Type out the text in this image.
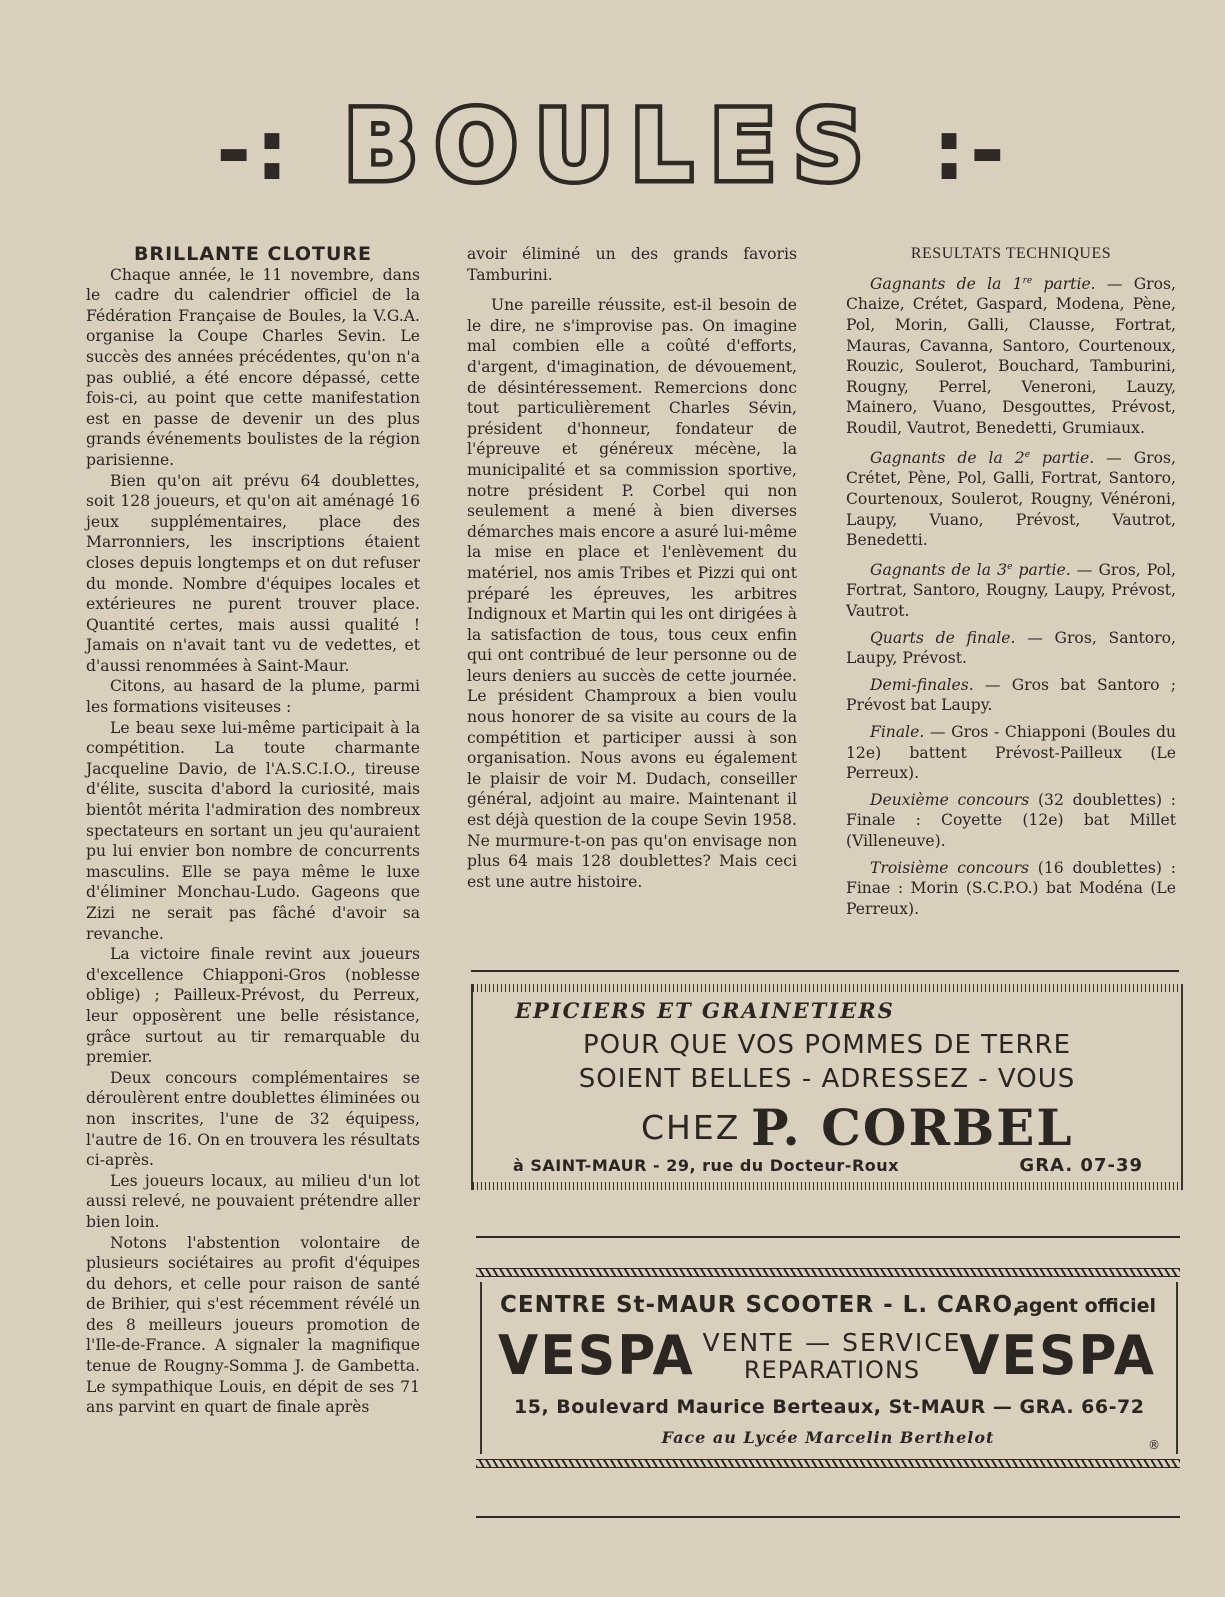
-: BOULES :-

BRILLANTE CLOTURE

Chaque année, le 11 novembre, dans le cadre du calendrier officiel de la Fédération Française de Boules, la V.G.A. organise la Coupe Charles Sevin. Le succès des années précédentes, qu'on n'a pas oublié, a été encore dépassé, cette fois-ci, au point que cette manifestation est en passe de devenir un des plus grands événements boulistes de la région parisienne.

Bien qu'on ait prévu 64 doublettes, soit 128 joueurs, et qu'on ait aménagé 16 jeux supplémentaires, place des Marronniers, les inscriptions étaient closes depuis longtemps et on dut refuser du monde. Nombre d'équipes locales et extérieures ne purent trouver place. Quantité certes, mais aussi qualité ! Jamais on n'avait tant vu de vedettes, et d'aussi renommées à Saint-Maur.

Citons, au hasard de la plume, parmi les formations visiteuses :

Le beau sexe lui-même participait à la compétition. La toute charmante Jacqueline Davio, de l'A.S.C.I.O., tireuse d'élite, suscita d'abord la curiosité, mais bientôt mérita l'admiration des nombreux spectateurs en sortant un jeu qu'auraient pu lui envier bon nombre de concurrents masculins. Elle se paya même le luxe d'éliminer Monchau-Ludo. Gageons que Zizi ne serait pas fâché d'avoir sa revanche.

La victoire finale revint aux joueurs d'excellence Chiapponi-Gros (noblesse oblige) ; Pailleux-Prévost, du Perreux, leur opposèrent une belle résistance, grâce surtout au tir remarquable du premier.

Deux concours complémentaires se déroulèrent entre doublettes éliminées ou non inscrites, l'une de 32 équipess, l'autre de 16. On en trouvera les résultats ci-après.

Les joueurs locaux, au milieu d'un lot aussi relevé, ne pouvaient prétendre aller bien loin.

Notons l'abstention volontaire de plusieurs sociétaires au profit d'équipes du dehors, et celle pour raison de santé de Brihier, qui s'est récemment révélé un des 8 meilleurs joueurs promotion de l'Ile-de-France. A signaler la magnifique tenue de Rougny-Somma J. de Gambetta. Le sympathique Louis, en dépit de ses 71 ans parvint en quart de finale après

avoir éliminé un des grands favoris Tamburini.

Une pareille réussite, est-il besoin de le dire, ne s'improvise pas. On imagine mal combien elle a coûté d'efforts, d'argent, d'imagination, de dévouement, de désintéressement. Remercions donc tout particulièrement Charles Sévin, président d'honneur, fondateur de l'épreuve et généreux mécène, la municipalité et sa commission sportive, notre président P. Corbel qui non seulement a mené à bien diverses démarches mais encore a asuré lui-même la mise en place et l'enlèvement du matériel, nos amis Tribes et Pizzi qui ont préparé les épreuves, les arbitres Indignoux et Martin qui les ont dirigées à la satisfaction de tous, tous ceux enfin qui ont contribué de leur personne ou de leurs deniers au succès de cette journée. Le président Champroux a bien voulu nous honorer de sa visite au cours de la compétition et participer aussi à son organisation. Nous avons eu également le plaisir de voir M. Dudach, conseiller général, adjoint au maire. Maintenant il est déjà question de la coupe Sevin 1958. Ne murmure-t-on pas qu'on envisage non plus 64 mais 128 doublettes? Mais ceci est une autre histoire.

RESULTATS TECHNIQUES

Gagnants de la 1re partie. — Gros, Chaize, Crétet, Gaspard, Modena, Pène, Pol, Morin, Galli, Clausse, Fortrat, Mauras, Cavanna, Santoro, Courtenoux, Rouzic, Soulerot, Bouchard, Tamburini, Rougny, Perrel, Veneroni, Lauzy, Mainero, Vuano, Desgouttes, Prévost, Roudil, Vautrot, Benedetti, Grumiaux.

Gagnants de la 2e partie. — Gros, Crétet, Pène, Pol, Galli, Fortrat, Santoro, Courtenoux, Soulerot, Rougny, Vénéroni, Laupy, Vuano, Prévost, Vautrot, Benedetti.

Gagnants de la 3e partie. — Gros, Pol, Fortrat, Santoro, Rougny, Laupy, Prévost, Vautrot.

Quarts de finale. — Gros, Santoro, Laupy, Prévost.

Demi-finales. — Gros bat Santoro ; Prévost bat Laupy.

Finale. — Gros - Chiapponi (Boules du 12e) battent Prévost-Pailleux (Le Perreux).

Deuxième concours (32 doublettes) : Finale : Coyette (12e) bat Millet (Villeneuve).

Troisième concours (16 doublettes) : Finae : Morin (S.C.P.O.) bat Modéna (Le Perreux).

EPICIERS ET GRAINETIERS
POUR QUE VOS POMMES DE TERRE
SOIENT BELLES - ADRESSEZ - VOUS
CHEZ P. CORBEL
à SAINT-MAUR - 29, rue du Docteur-Roux	GRA. 07-39
CENTRE St-MAUR SCOOTER - L. CARO,
agent officiel
VESPA VENTE — SERVICE
REPARATIONS VESPA
15, Boulevard Maurice Berteaux, St-MAUR — GRA. 66-72
Face au Lycée Marcelin Berthelot	®
